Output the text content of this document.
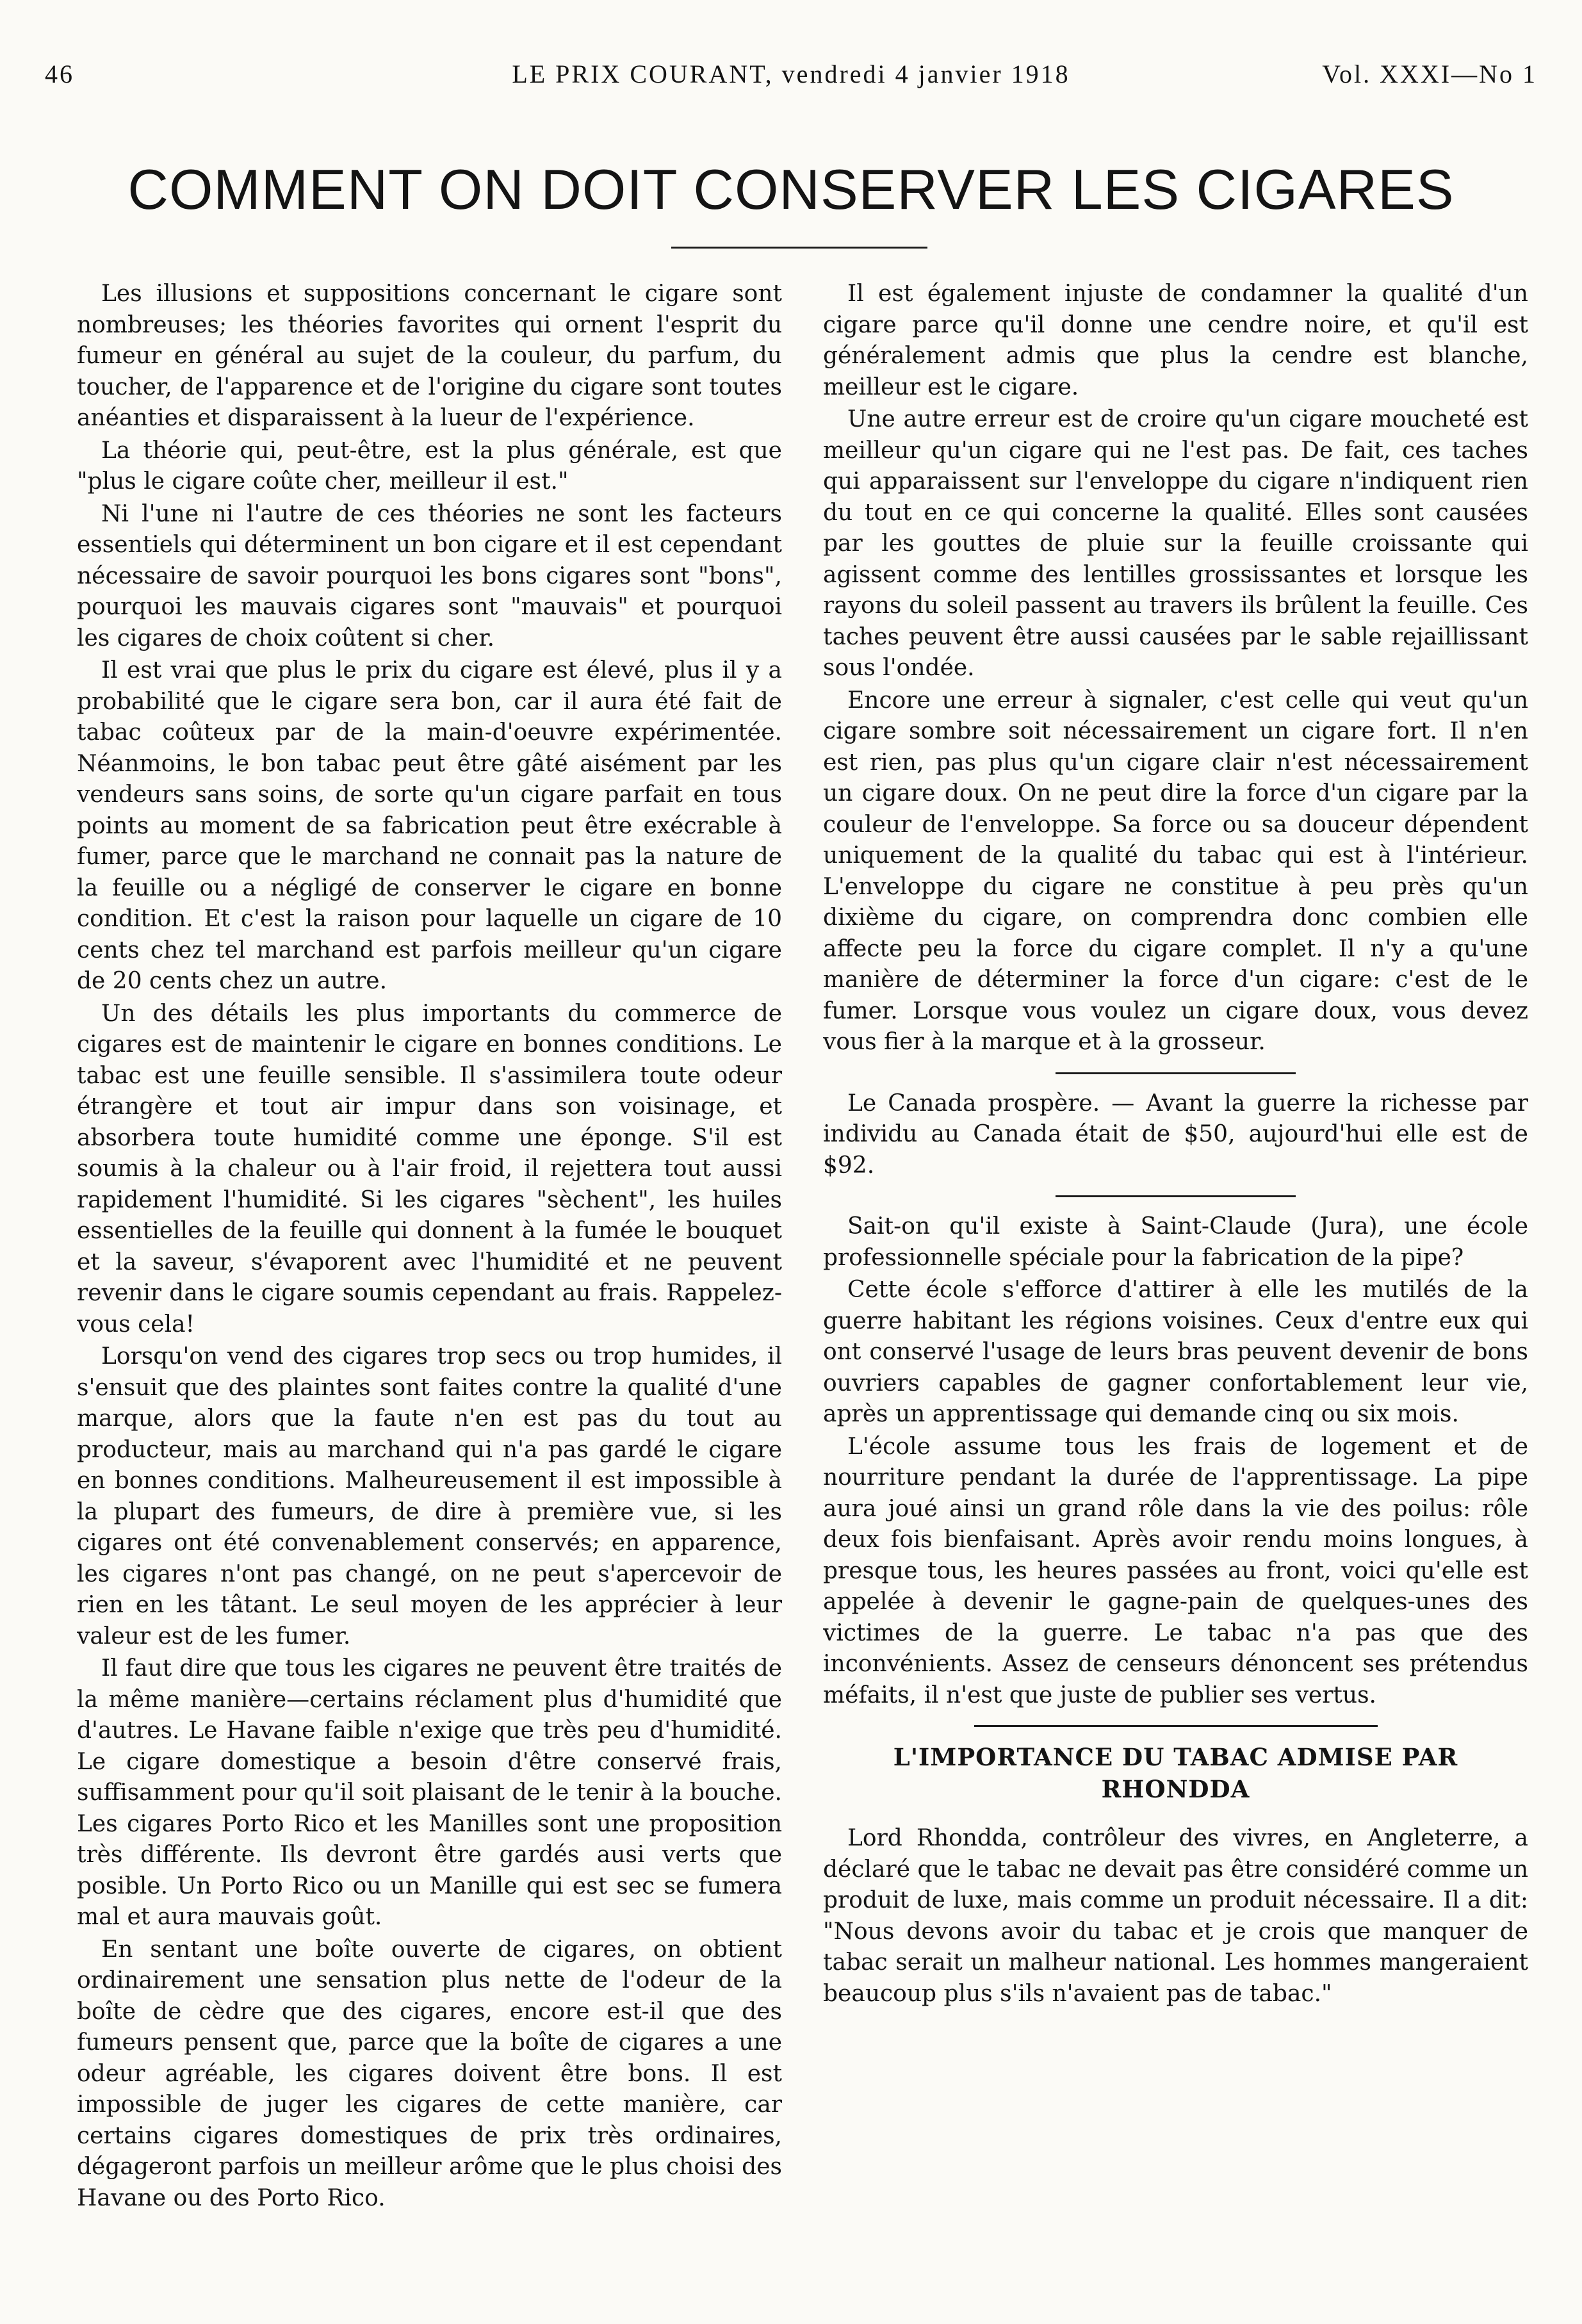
46	LE PRIX COURANT, vendredi 4 janvier 1918	Vol. XXXI—No 1
COMMENT ON DOIT CONSERVER LES CIGARES

Les illusions et suppositions concernant le cigare sont nombreuses; les théories favorites qui ornent l'esprit du fumeur en général au sujet de la couleur, du parfum, du toucher, de l'apparence et de l'origine du cigare sont toutes anéanties et disparaissent à la lueur de l'expérience.

La théorie qui, peut-être, est la plus générale, est que "plus le cigare coûte cher, meilleur il est."

Ni l'une ni l'autre de ces théories ne sont les facteurs essentiels qui déterminent un bon cigare et il est cependant nécessaire de savoir pourquoi les bons cigares sont "bons", pourquoi les mauvais cigares sont "mauvais" et pourquoi les cigares de choix coûtent si cher.

Il est vrai que plus le prix du cigare est élevé, plus il y a probabilité que le cigare sera bon, car il aura été fait de tabac coûteux par de la main-d'oeuvre expérimentée. Néanmoins, le bon tabac peut être gâté aisément par les vendeurs sans soins, de sorte qu'un cigare parfait en tous points au moment de sa fabrication peut être exécrable à fumer, parce que le marchand ne connait pas la nature de la feuille ou a négligé de conserver le cigare en bonne condition. Et c'est la raison pour laquelle un cigare de 10 cents chez tel marchand est parfois meilleur qu'un cigare de 20 cents chez un autre.

Un des détails les plus importants du commerce de cigares est de maintenir le cigare en bonnes conditions. Le tabac est une feuille sensible. Il s'assimilera toute odeur étrangère et tout air impur dans son voisinage, et absorbera toute humidité comme une éponge. S'il est soumis à la chaleur ou à l'air froid, il rejettera tout aussi rapidement l'humidité. Si les cigares "sèchent", les huiles essentielles de la feuille qui donnent à la fumée le bouquet et la saveur, s'évaporent avec l'humidité et ne peuvent revenir dans le cigare soumis cependant au frais. Rappelez-vous cela!

Lorsqu'on vend des cigares trop secs ou trop humides, il s'ensuit que des plaintes sont faites contre la qualité d'une marque, alors que la faute n'en est pas du tout au producteur, mais au marchand qui n'a pas gardé le cigare en bonnes conditions. Malheureusement il est impossible à la plupart des fumeurs, de dire à première vue, si les cigares ont été convenablement conservés; en apparence, les cigares n'ont pas changé, on ne peut s'apercevoir de rien en les tâtant. Le seul moyen de les apprécier à leur valeur est de les fumer.

Il faut dire que tous les cigares ne peuvent être traités de la même manière—certains réclament plus d'humidité que d'autres. Le Havane faible n'exige que très peu d'humidité. Le cigare domestique a besoin d'être conservé frais, suffisamment pour qu'il soit plaisant de le tenir à la bouche. Les cigares Porto Rico et les Manilles sont une proposition très différente. Ils devront être gardés ausi verts que posible. Un Porto Rico ou un Manille qui est sec se fumera mal et aura mauvais goût.

En sentant une boîte ouverte de cigares, on obtient ordinairement une sensation plus nette de l'odeur de la boîte de cèdre que des cigares, encore est-il que des fumeurs pensent que, parce que la boîte de cigares a une odeur agréable, les cigares doivent être bons. Il est impossible de juger les cigares de cette manière, car certains cigares domestiques de prix très ordinaires, dégageront parfois un meilleur arôme que le plus choisi des Havane ou des Porto Rico.

Il est également injuste de condamner la qualité d'un cigare parce qu'il donne une cendre noire, et qu'il est généralement admis que plus la cendre est blanche, meilleur est le cigare.

Une autre erreur est de croire qu'un cigare moucheté est meilleur qu'un cigare qui ne l'est pas. De fait, ces taches qui apparaissent sur l'enveloppe du cigare n'indiquent rien du tout en ce qui concerne la qualité. Elles sont causées par les gouttes de pluie sur la feuille croissante qui agissent comme des lentilles grossissantes et lorsque les rayons du soleil passent au travers ils brûlent la feuille. Ces taches peuvent être aussi causées par le sable rejaillissant sous l'ondée.

Encore une erreur à signaler, c'est celle qui veut qu'un cigare sombre soit nécessairement un cigare fort. Il n'en est rien, pas plus qu'un cigare clair n'est nécessairement un cigare doux. On ne peut dire la force d'un cigare par la couleur de l'enveloppe. Sa force ou sa douceur dépendent uniquement de la qualité du tabac qui est à l'intérieur. L'enveloppe du cigare ne constitue à peu près qu'un dixième du cigare, on comprendra donc combien elle affecte peu la force du cigare complet. Il n'y a qu'une manière de déterminer la force d'un cigare: c'est de le fumer. Lorsque vous voulez un cigare doux, vous devez vous fier à la marque et à la grosseur.

Le Canada prospère. — Avant la guerre la richesse par individu au Canada était de $50, aujourd'hui elle est de $92.

Sait-on qu'il existe à Saint-Claude (Jura), une école professionnelle spéciale pour la fabrication de la pipe?

Cette école s'efforce d'attirer à elle les mutilés de la guerre habitant les régions voisines. Ceux d'entre eux qui ont conservé l'usage de leurs bras peuvent devenir de bons ouvriers capables de gagner confortablement leur vie, après un apprentissage qui demande cinq ou six mois.

L'école assume tous les frais de logement et de nourriture pendant la durée de l'apprentissage. La pipe aura joué ainsi un grand rôle dans la vie des poilus: rôle deux fois bienfaisant. Après avoir rendu moins longues, à presque tous, les heures passées au front, voici qu'elle est appelée à devenir le gagne-pain de quelques-unes des victimes de la guerre. Le tabac n'a pas que des inconvénients. Assez de censeurs dénoncent ses prétendus méfaits, il n'est que juste de publier ses vertus.

L'IMPORTANCE DU TABAC ADMISE PAR RHONDDA

Lord Rhondda, contrôleur des vivres, en Angleterre, a déclaré que le tabac ne devait pas être considéré comme un produit de luxe, mais comme un produit nécessaire. Il a dit: "Nous devons avoir du tabac et je crois que manquer de tabac serait un malheur national. Les hommes mangeraient beaucoup plus s'ils n'avaient pas de tabac."
